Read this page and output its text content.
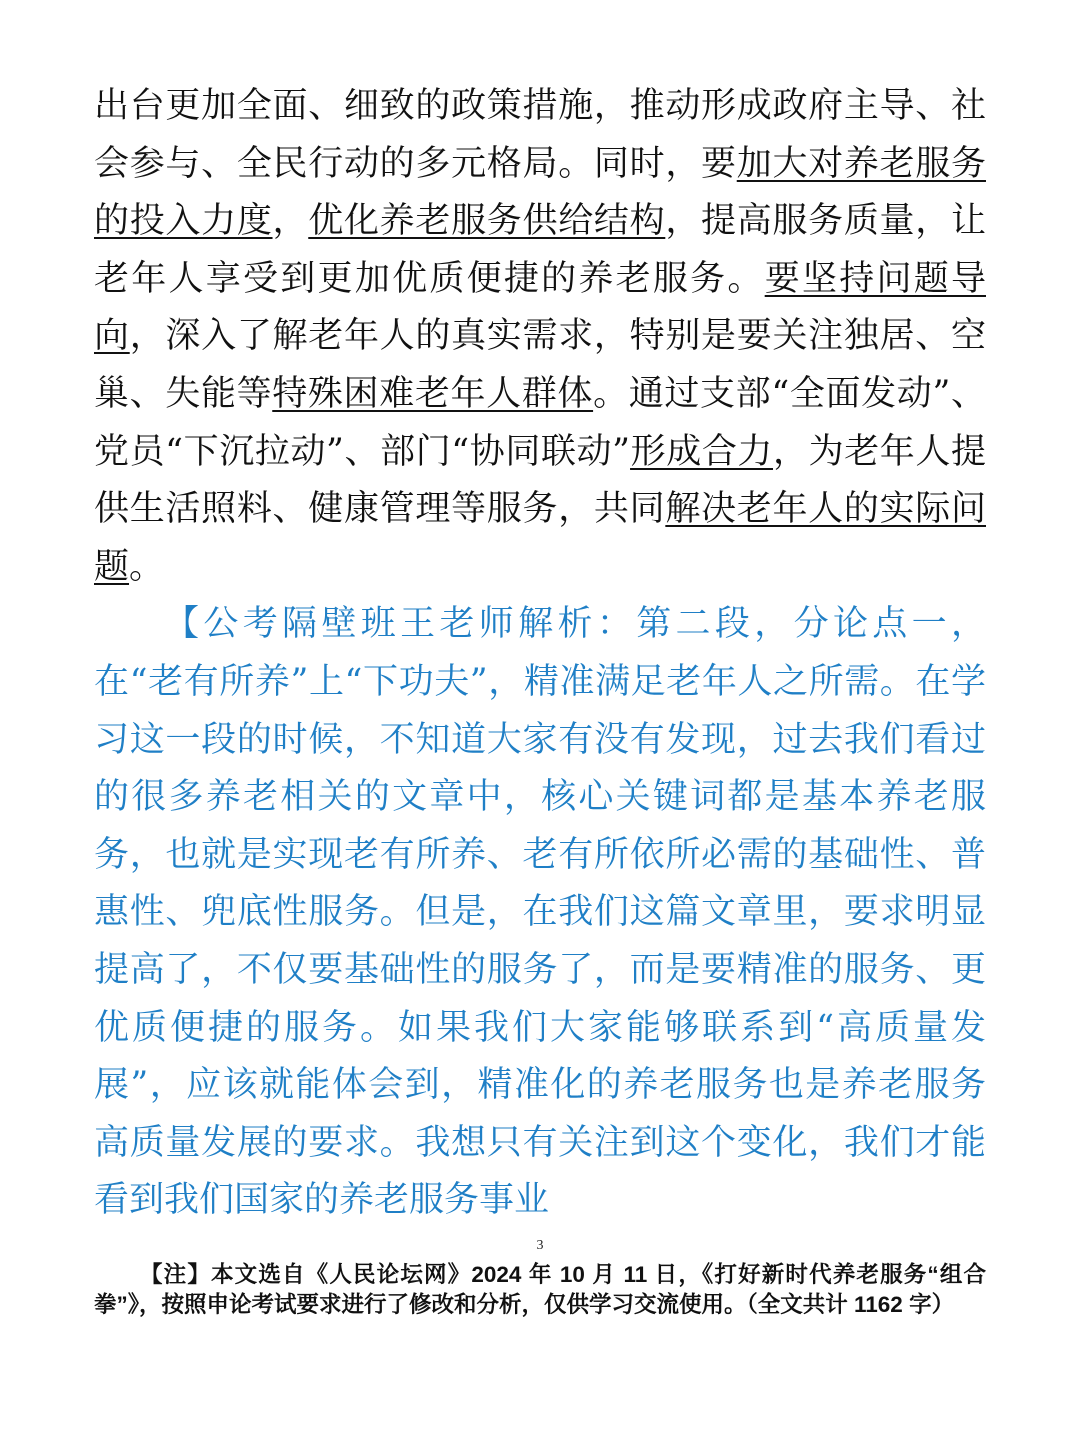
出台更加全面、细致的政策措施，推动形成政府主导、社会参与、全民行动的多元格局。同时，要加大对养老服务的投入力度，优化养老服务供给结构，提高服务质量，让老年人享受到更加优质便捷的养老服务。要坚持问题导向，深入了解老年人的真实需求，特别是要关注独居、空巢、失能等特殊困难老年人群体。通过支部“全面发动”、党员“下沉拉动”、部门“协同联动”形成合力，为老年人提供生活照料、健康管理等服务，共同解决老年人的实际问题。

【公考隔壁班王老师解析：第二段，分论点一，在“老有所养”上“下功夫”，精准满足老年人之所需。在学习这一段的时候，不知道大家有没有发现，过去我们看过的很多养老相关的文章中，核心关键词都是基本养老服务，也就是实现老有所养、老有所依所必需的基础性、普惠性、兜底性服务。但是，在我们这篇文章里，要求明显提高了，不仅要基础性的服务了，而是要精准的服务、更优质便捷的服务。如果我们大家能够联系到“高质量发展”，应该就能体会到，精准化的养老服务也是养老服务高质量发展的要求。我想只有关注到这个变化，我们才能看到我们国家的养老服务事业

3

【注】本文选自《人民论坛网》2024 年 10 月 11 日，《打好新时代养老服务“组合拳”》，按照申论考试要求进行了修改和分析，仅供学习交流使用。（全文共计 1162 字）
